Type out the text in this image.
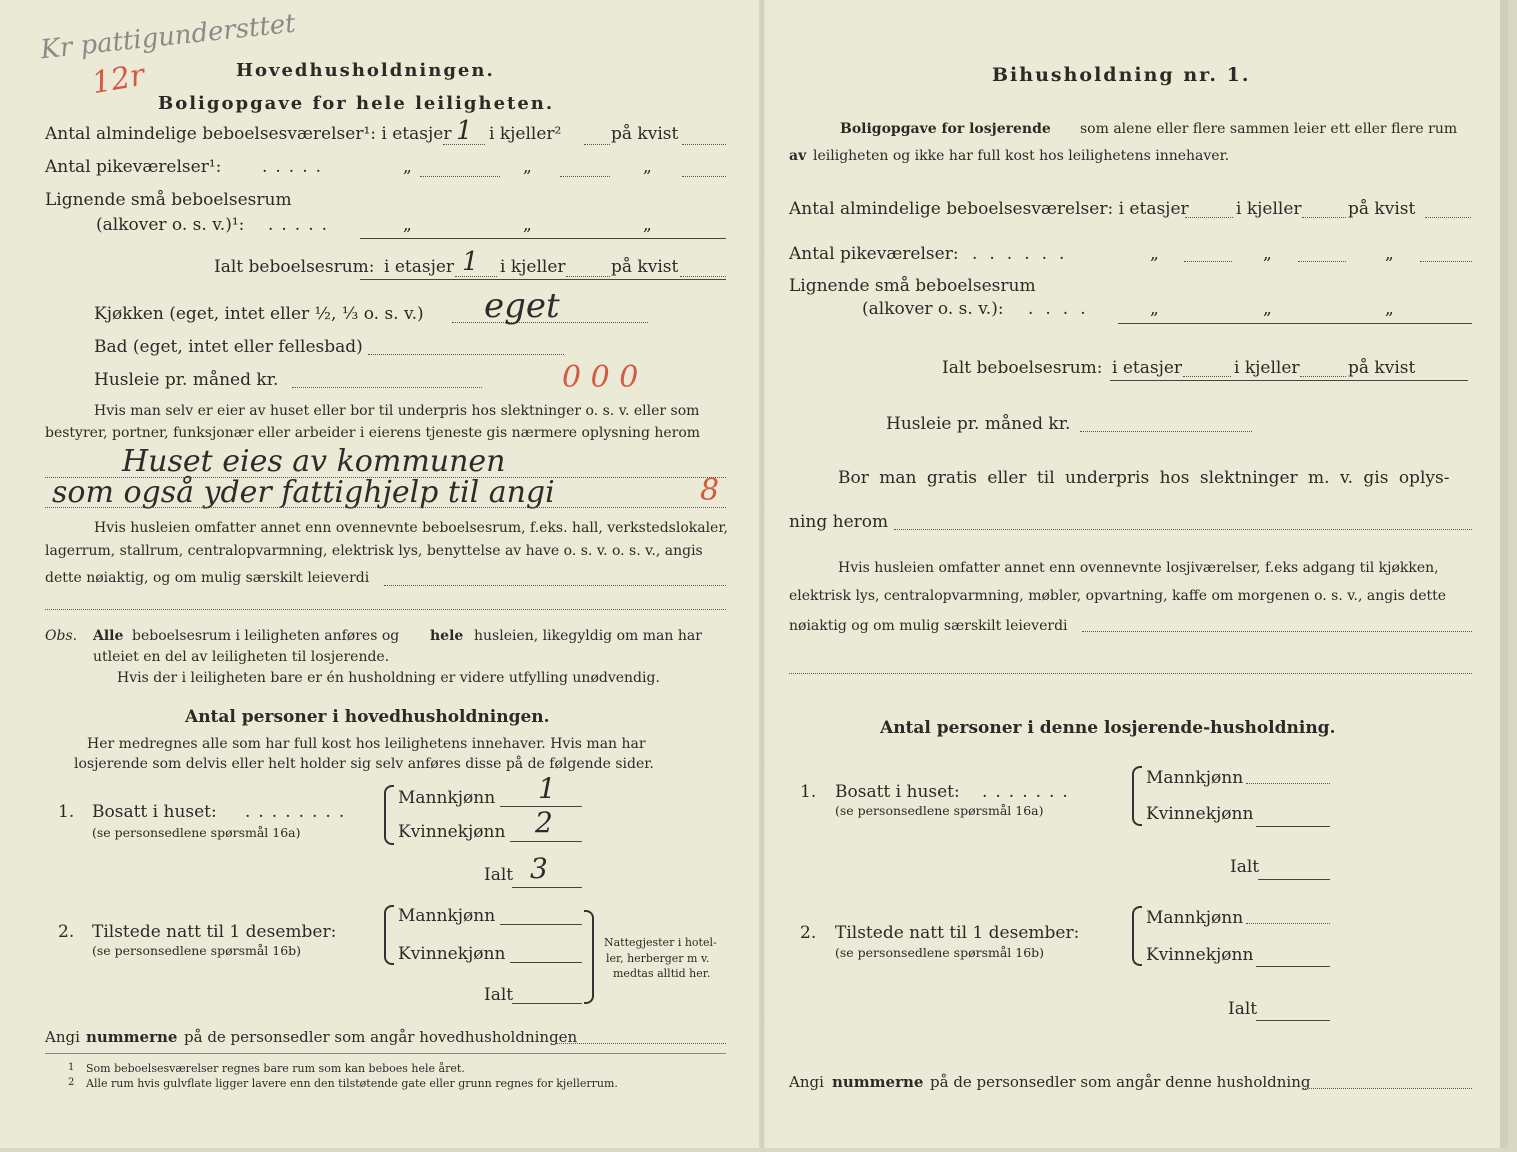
Kr pattigundersttet
12r	Hovedhusholdningen.
Boligopgave for hele leiligheten.
Antal almindelige beboelsesværelser¹: i etasjer 1 i kjeller²	på kvist
Antal pikeværelser¹: .....	„	„	„
Lignende små beboelsesrum
(alkover o. s. v.)¹: .....	„	„	„
Ialt beboelsesrum: i etasjer 1 i kjeller	på kvist
Kjøkken (eget, intet eller ½, ⅓ o. s. v.) eget
Bad (eget, intet eller fellesbad)
Husleie pr. måned kr.	0 0 0
Hvis man selv er eier av huset eller bor til underpris hos slektninger o. s. v. eller som
bestyrer, portner, funksjonær eller arbeider i eierens tjeneste gis nærmere oplysning herom
Huset eies av kommunen
som også yder fattighjelp til angi	8
Hvis husleien omfatter annet enn ovennevnte beboelsesrum, f.eks. hall, verkstedslokaler,
lagerrum, stallrum, centralopvarmning, elektrisk lys, benyttelse av have o. s. v. o. s. v., angis
dette nøiaktig, og om mulig særskilt leieverdi
Obs. Alle beboelsesrum i leiligheten anføres og hele husleien, likegyldig om man har
utleiet en del av leiligheten til losjerende.
Hvis der i leiligheten bare er én husholdning er videre utfylling unødvendig.
Antal personer i hovedhusholdningen.
Her medregnes alle som har full kost hos leilighetens innehaver. Hvis man har
losjerende som delvis eller helt holder sig selv anføres disse på de følgende sider.
1. Bosatt i huset: ........
(se personsedlene spørsmål 16a)
Mannkjønn 1
Kvinnekjønn 2
Ialt 3
2. Tilstede natt til 1 desember:
(se personsedlene spørsmål 16b)
Mannkjønn
Kvinnekjønn
Ialt
Nattegjester i hotel-
ler, herberger m v.
medtas alltid her.
Angi nummerne på de personsedler som angår hovedhusholdningen
1 Som beboelsesværelser regnes bare rum som kan beboes hele året.
2 Alle rum hvis gulvflate ligger lavere enn den tilstøtende gate eller grunn regnes for kjellerrum.
Bihusholdning nr. 1.
Boligopgave for losjerende som alene eller flere sammen leier ett eller flere rum
av leiligheten og ikke har full kost hos leilighetens innehaver.
Antal almindelige beboelsesværelser: i etasjer	i kjeller	på kvist
Antal pikeværelser: ......	„	„	„
Lignende små beboelsesrum
(alkover o. s. v.): ....	„	„	„
Ialt beboelsesrum: i etasjer	i kjeller	på kvist
Husleie pr. måned kr.
Bor man gratis eller til underpris hos slektninger m. v. gis oplys-
ning herom
Hvis husleien omfatter annet enn ovennevnte losjiværelser, f.eks adgang til kjøkken,
elektrisk lys, centralopvarmning, møbler, opvartning, kaffe om morgenen o. s. v., angis dette
nøiaktig og om mulig særskilt leieverdi
Antal personer i denne losjerende-husholdning.
1. Bosatt i huset: .......
(se personsedlene spørsmål 16a)
Mannkjønn
Kvinnekjønn
Ialt
2. Tilstede natt til 1 desember:
(se personsedlene spørsmål 16b)
Mannkjønn
Kvinnekjønn
Ialt
Angi nummerne på de personsedler som angår denne husholdning
